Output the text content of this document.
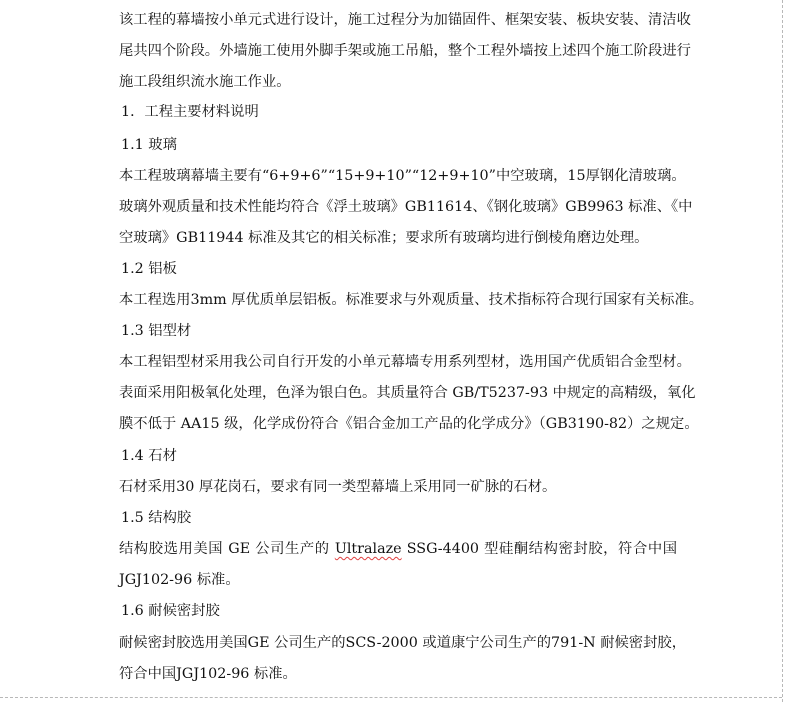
该工程的幕墙按小单元式进行设计，施工过程分为加锚固件、框架安装、板块安装、清洁收
尾共四个阶段。外墙施工使用外脚手架或施工吊船，整个工程外墙按上述四个施工阶段进行
施工段组织流水施工作业。
1．工程主要材料说明
1.1 玻璃
本工程玻璃幕墙主要有“6+9+6”“15+9+10”“12+9+10”中空玻璃，15厚钢化清玻璃。
玻璃外观质量和技术性能均符合《浮土玻璃》GB11614、《钢化玻璃》GB9963 标准、《中
空玻璃》GB11944 标准及其它的相关标准；要求所有玻璃均进行倒棱角磨边处理。
1.2 铝板
本工程选用3mm 厚优质单层铝板。标准要求与外观质量、技术指标符合现行国家有关标准。
1.3 铝型材
本工程铝型材采用我公司自行开发的小单元幕墙专用系列型材，选用国产优质铝合金型材。
表面采用阳极氧化处理，色泽为银白色。其质量符合 GB/T5237-93 中规定的高精级，氧化
膜不低于 AA15 级，化学成份符合《铝合金加工产品的化学成分》（GB3190-82）之规定。
1.4 石材
石材采用30 厚花岗石，要求有同一类型幕墙上采用同一矿脉的石材。
1.5 结构胶
结构胶选用美国 GE 公司生产的 Ultralaze SSG-4400 型硅酮结构密封胶，符合中国
JGJ102-96 标准。
1.6 耐候密封胶
耐候密封胶选用美国GE 公司生产的SCS-2000 或道康宁公司生产的791-N 耐候密封胶，
符合中国JGJ102-96 标准。
